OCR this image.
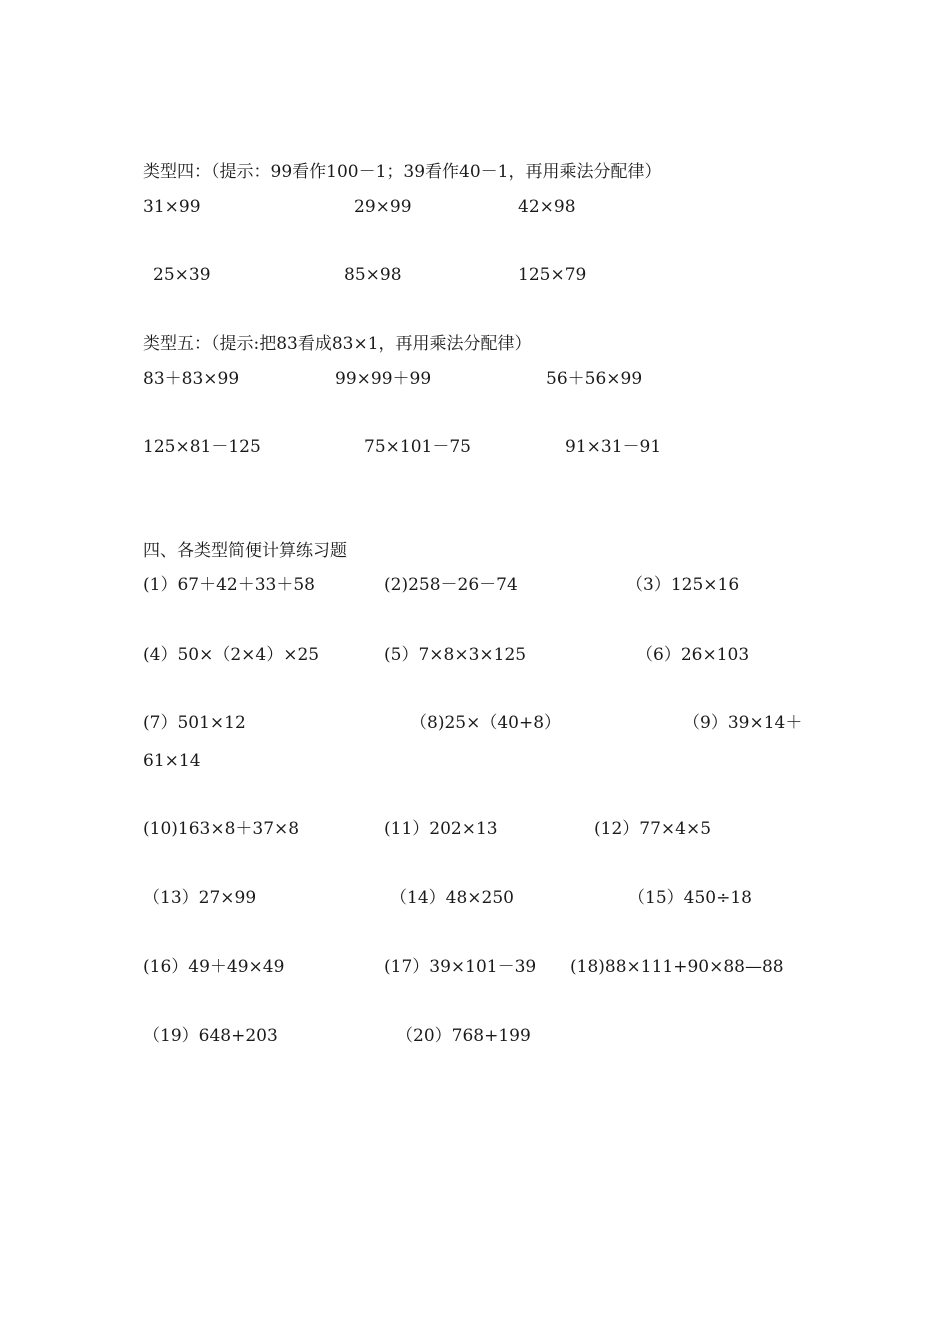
类型四：（提示：99看作100－1；39看作40－1，再用乘法分配律）
31×99	29×99	42×98
25×39	85×98	125×79
类型五：（提示:把83看成83×1，再用乘法分配律）
83＋83×99	99×99＋99	56＋56×99
125×81－125	75×101－75	91×31－91
四、各类型简便计算练习题
(1）67＋42＋33＋58	(2)258－26－74	（3）125×16
(4）50×（2×4）×25	(5）7×8×3×125	（6）26×103
(7）501×12	（8)25×（40+8）	（9）39×14＋
61×14
(10)163×8＋37×8	(11）202×13	(12）77×4×5
（13）27×99	（14）48×250	（15）450÷18
(16）49＋49×49	(17）39×101－39 (18)88×111+90×88—88
（19）648+203	（20）768+199
